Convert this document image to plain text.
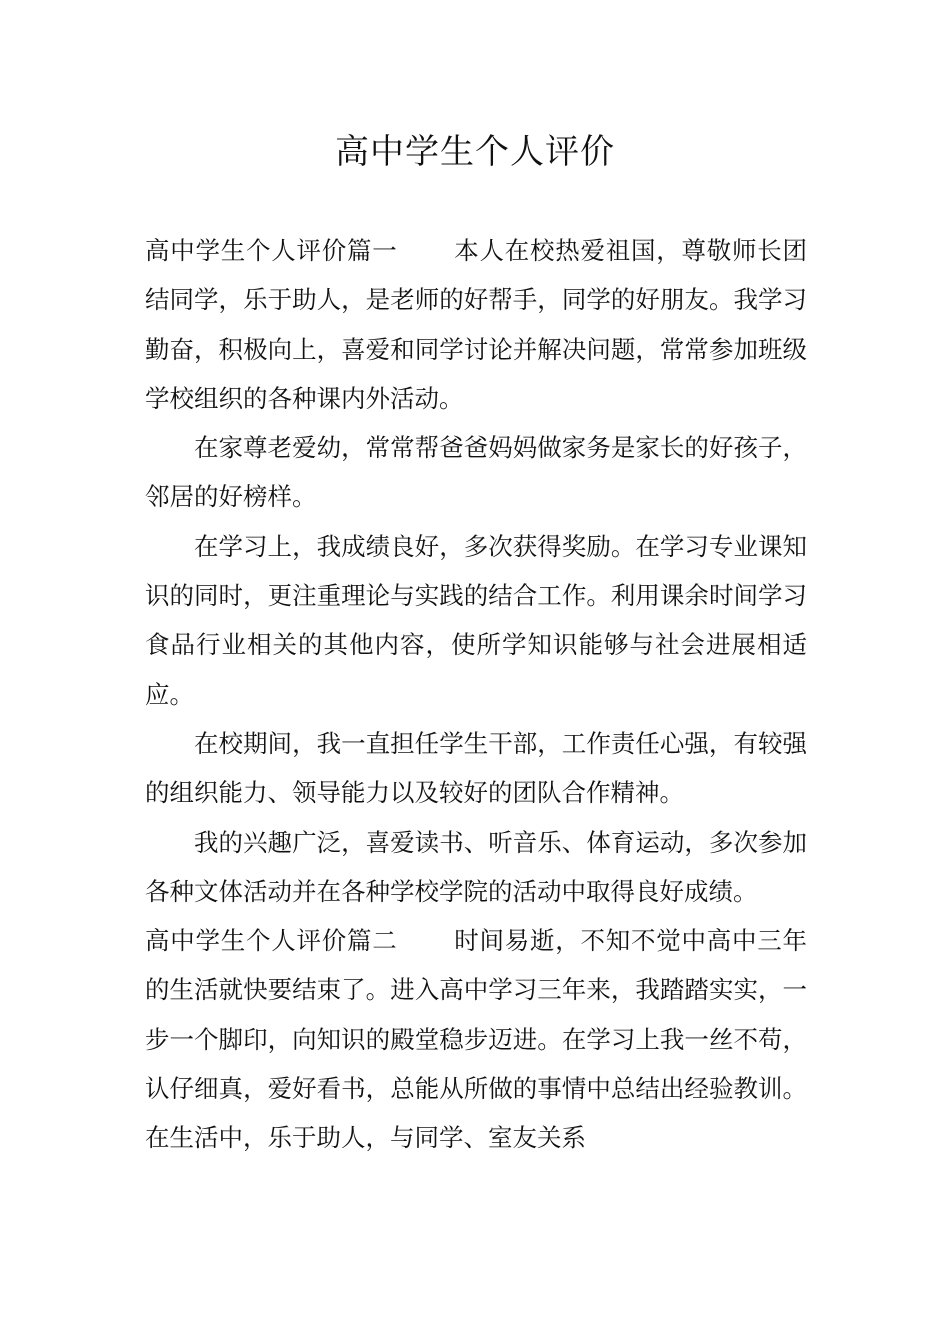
高中学生个人评价

高中学生个人评价篇一 本人在校热爱祖国，尊敬师长团结同学，乐于助人，是老师的好帮手，同学的好朋友。我学习勤奋，积极向上，喜爱和同学讨论并解决问题，常常参加班级学校组织的各种课内外活动。

在家尊老爱幼，常常帮爸爸妈妈做家务是家长的好孩子，邻居的好榜样。

在学习上，我成绩良好，多次获得奖励。在学习专业课知识的同时，更注重理论与实践的结合工作。利用课余时间学习食品行业相关的其他内容，使所学知识能够与社会进展相适应。

在校期间，我一直担任学生干部，工作责任心强，有较强的组织能力、领导能力以及较好的团队合作精神。

我的兴趣广泛，喜爱读书、听音乐、体育运动，多次参加各种文体活动并在各种学校学院的活动中取得良好成绩。

高中学生个人评价篇二 时间易逝，不知不觉中高中三年的生活就快要结束了。进入高中学习三年来，我踏踏实实，一步一个脚印，向知识的殿堂稳步迈进。在学习上我一丝不苟，认仔细真，爱好看书，总能从所做的事情中总结出经验教训。在生活中，乐于助人，与同学、室友关系
